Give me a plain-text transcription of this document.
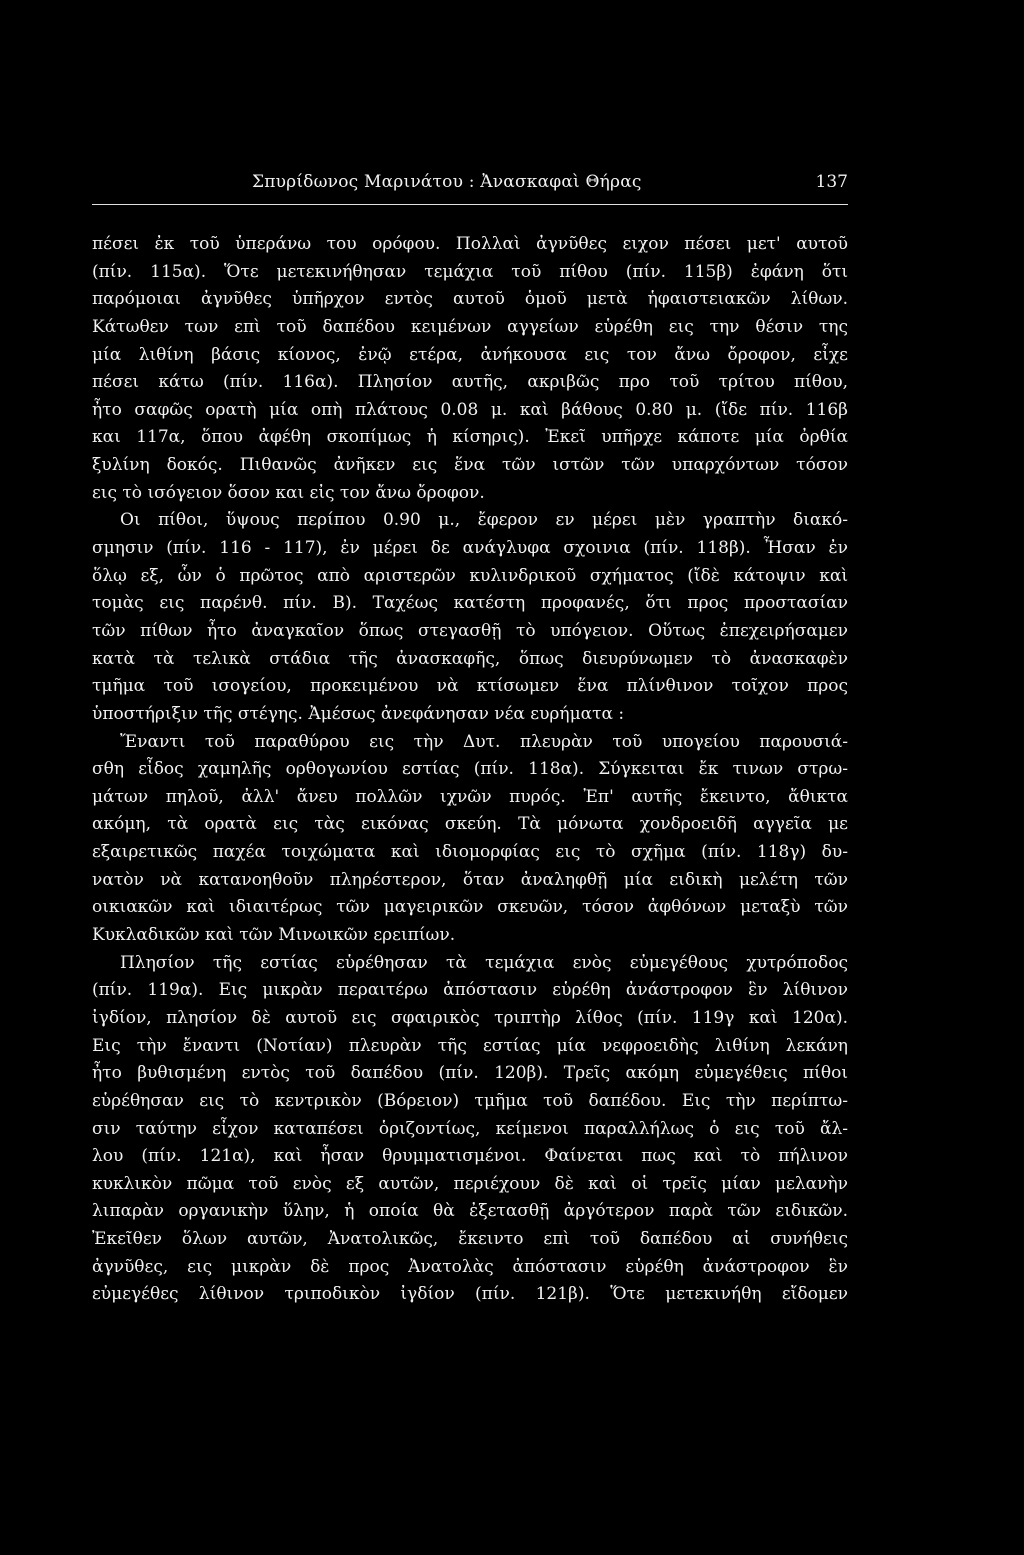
Σπυρίδωνος Μαρινάτου : Ἀνασκαφαὶ Θήρας	137
πέσει ἐκ τοῦ ὑπεράνω του ορόφου. Πολλαὶ ἀγνῦθες ειχον πέσει μετ' αυτοῦ
(πίν. 115α). Ὅτε μετεκινήθησαν τεμάχια τοῦ πίθου (πίν. 115β) ἐφάνη ὅτι
παρόμοιαι ἀγνῦθες ὑπῆρχον εντὸς αυτοῦ ὁμοῦ μετὰ ἡφαιστειακῶν λίθων.
Κάτωθεν των επὶ τοῦ δαπέδου κειμένων αγγείων εὑρέθη εις την θέσιν της
μία λιθίνη βάσις κίονος, ἐνῷ ετέρα, ἀνήκουσα εις τον ἄνω ὄροφον, εἶχε
πέσει κάτω (πίν. 116α). Πλησίον αυτῆς, ακριβῶς προ τοῦ τρίτου πίθου,
ἦτο σαφῶς ορατὴ μία οπὴ πλάτους 0.08 μ. καὶ βάθους 0.80 μ. (ἴδε πίν. 116β
και 117α, ὅπου ἀφέθη σκοπίμως ἡ κίσηρις). Ἐκεῖ υπῆρχε κάποτε μία ὀρθία
ξυλίνη δοκός. Πιθανῶς ἀνῆκεν εις ἕνα τῶν ιστῶν τῶν υπαρχόντων τόσον
εις τὸ ισόγειον ὅσον και εἰς τον ἄνω ὄροφον.
Οι πίθοι, ὕψους περίπου 0.90 μ., ἔφερον εν μέρει μὲν γραπτὴν διακό-
σμησιν (πίν. 116 - 117), ἐν μέρει δε ανάγλυφα σχοινια (πίν. 118β). Ἦσαν ἐν
ὅλῳ εξ, ὧν ὁ πρῶτος απὸ αριστερῶν κυλινδρικοῦ σχήματος (ἴδὲ κάτοψιν καὶ
τομὰς εις παρένθ. πίν. Β). Ταχέως κατέστη προφανές, ὅτι προς προστασίαν
τῶν πίθων ἦτο ἀναγκαῖον ὅπως στεγασθῇ τὸ υπόγειον. Οὕτως ἐπεχειρήσαμεν
κατὰ τὰ τελικὰ στάδια τῆς ἀνασκαφῆς, ὅπως διευρύνωμεν τὸ ἀνασκαφὲν
τμῆμα τοῦ ισογείου, προκειμένου νὰ κτίσωμεν ἕνα πλίνθινον τοῖχον προς
ὑποστήριξιν τῆς στέγης. Ἀμέσως ἀνεφάνησαν νέα ευρήματα :
Ἔναντι τοῦ παραθύρου εις τὴν Δυτ. πλευρὰν τοῦ υπογείου παρουσιά-
σθη εἶδος χαμηλῆς ορθογωνίου εστίας (πίν. 118α). Σύγκειται ἔκ τινων στρω-
μάτων πηλοῦ, ἀλλ' ἄνευ πολλῶν ιχνῶν πυρός. Ἐπ' αυτῆς ἔκειντο, ἄθικτα
ακόμη, τὰ ορατὰ εις τὰς εικόνας σκεύη. Τὰ μόνωτα χονδροειδῆ αγγεῖα με
εξαιρετικῶς παχέα τοιχώματα καὶ ιδιομορφίας εις τὸ σχῆμα (πίν. 118γ) δυ-
νατὸν νὰ κατανοηθοῦν πληρέστερον, ὅταν ἀναληφθῇ μία ειδικὴ μελέτη τῶν
οικιακῶν καὶ ιδιαιτέρως τῶν μαγειρικῶν σκευῶν, τόσον ἀφθόνων μεταξὺ τῶν
Κυκλαδικῶν καὶ τῶν Μινωικῶν ερειπίων.
Πλησίον τῆς εστίας εὑρέθησαν τὰ τεμάχια ενὸς εὐμεγέθους χυτρόποδος
(πίν. 119α). Εις μικρὰν περαιτέρω ἀπόστασιν εὑρέθη ἀνάστροφον ἓν λίθινον
ἰγδίον, πλησίον δὲ αυτοῦ εις σφαιρικὸς τριπτὴρ λίθος (πίν. 119γ καὶ 120α).
Εις τὴν ἔναντι (Νοτίαν) πλευρὰν τῆς εστίας μία νεφροειδὴς λιθίνη λεκάνη
ἦτο βυθισμένη εντὸς τοῦ δαπέδου (πίν. 120β). Τρεῖς ακόμη εὐμεγέθεις πίθοι
εὑρέθησαν εις τὸ κεντρικὸν (Βόρειον) τμῆμα τοῦ δαπέδου. Εις τὴν περίπτω-
σιν ταύτην εἶχον καταπέσει ὁριζοντίως, κείμενοι παραλλήλως ὁ εις τοῦ ἄλ-
λου (πίν. 121α), καὶ ἦσαν θρυμματισμένοι. Φαίνεται πως καὶ τὸ πήλινον
κυκλικὸν πῶμα τοῦ ενὸς εξ αυτῶν, περιέχουν δὲ καὶ οἱ τρεῖς μίαν μελανὴν
λιπαρὰν οργανικὴν ὕλην, ἡ οποία θὰ ἐξετασθῇ ἀργότερον παρὰ τῶν ειδικῶν.
Ἐκεῖθεν ὅλων αυτῶν, Ἀνατολικῶς, ἔκειντο επὶ τοῦ δαπέδου αἱ συνήθεις
ἀγνῦθες, εις μικρὰν δὲ προς Ἀνατολὰς ἀπόστασιν εὑρέθη ἀνάστροφον ἓν
εὐμεγέθες λίθινον τριποδικὸν ἰγδίον (πίν. 121β). Ὅτε μετεκινήθη εἴδομεν
